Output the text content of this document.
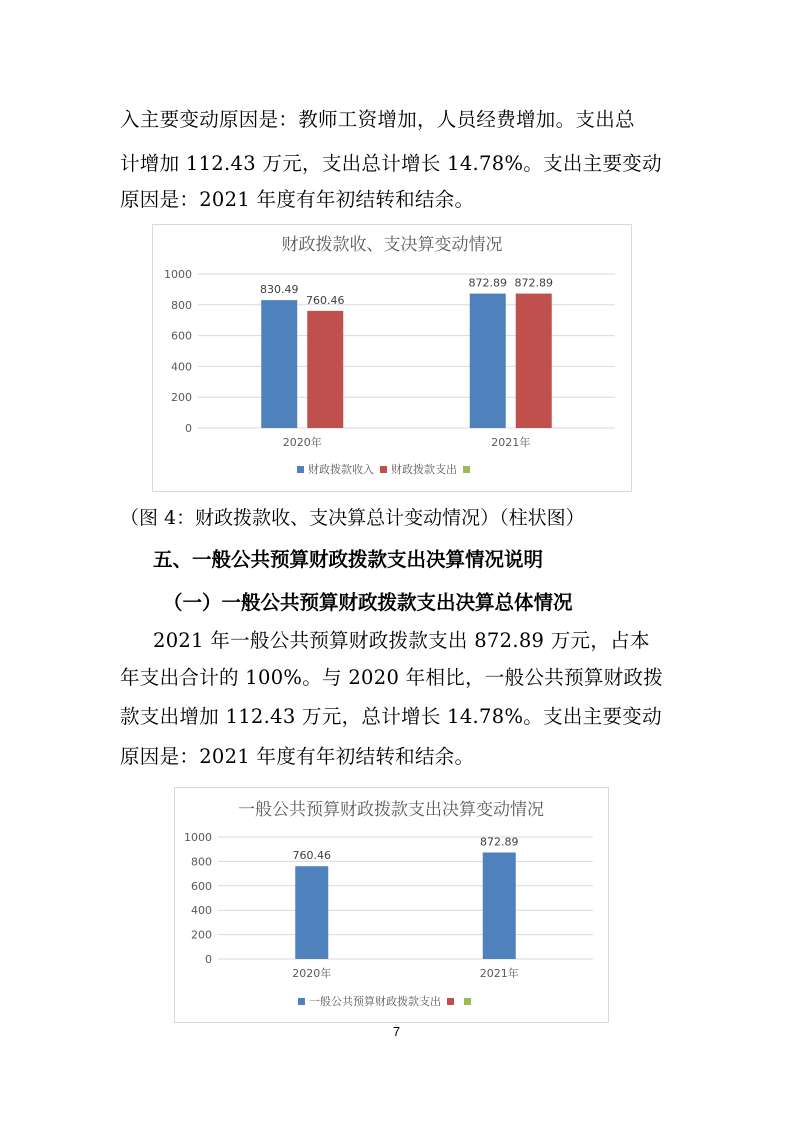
入主要变动原因是：教师工资增加，人员经费增加。支出总
计增加 112.43 万元，支出总计增长 14.78%。支出主要变动
原因是：2021 年度有年初结转和结余。
财政拨款收、支决算变动情况
0
200
400
600
800
1000
830.49
760.46
872.89 872.89
2020年	2021年
财政拨款收入 财政拨款支出
（图 4：财政拨款收、支决算总计变动情况）（柱状图）
五、一般公共预算财政拨款支出决算情况说明
（一）一般公共预算财政拨款支出决算总体情况
2021 年一般公共预算财政拨款支出 872.89 万元，占本
年支出合计的 100%。与 2020 年相比，一般公共预算财政拨
款支出增加 112.43 万元，总计增长 14.78%。支出主要变动
原因是：2021 年度有年初结转和结余。
一般公共预算财政拨款支出决算变动情况
0
200
400
600
800
1000
760.46
872.89
2020年	2021年
一般公共预算财政拨款支出
7
